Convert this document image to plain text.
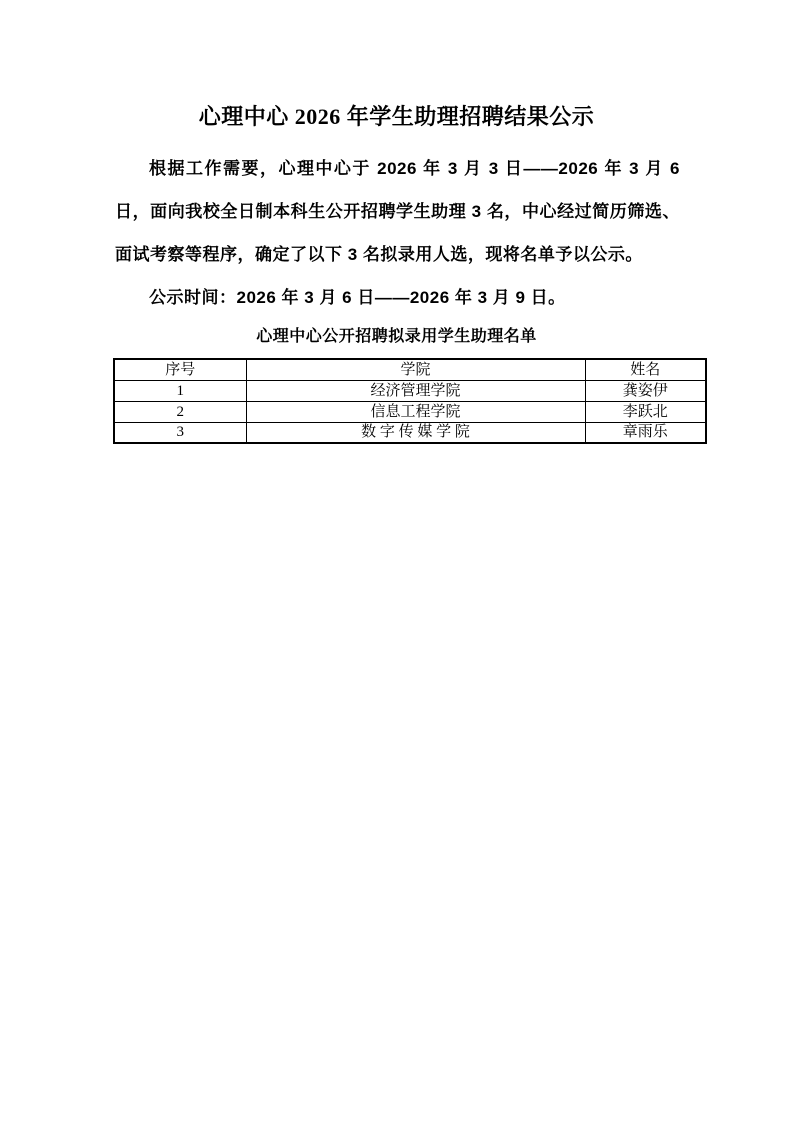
心理中心 2026 年学生助理招聘结果公示

根据工作需要，心理中心于 2026 年 3 月 3 日——2026 年 3 月 6 日，面向我校全日制本科生公开招聘学生助理 3 名，中心经过简历筛选、面试考察等程序，确定了以下 3 名拟录用人选，现将名单予以公示。

公示时间：2026 年 3 月 6 日——2026 年 3 月 9 日。

心理中心公开招聘拟录用学生助理名单
序号	学院	姓名
1	经济管理学院	龚姿伊
2	信息工程学院	李跃北
3	数 字 传 媒 学 院	章雨乐
